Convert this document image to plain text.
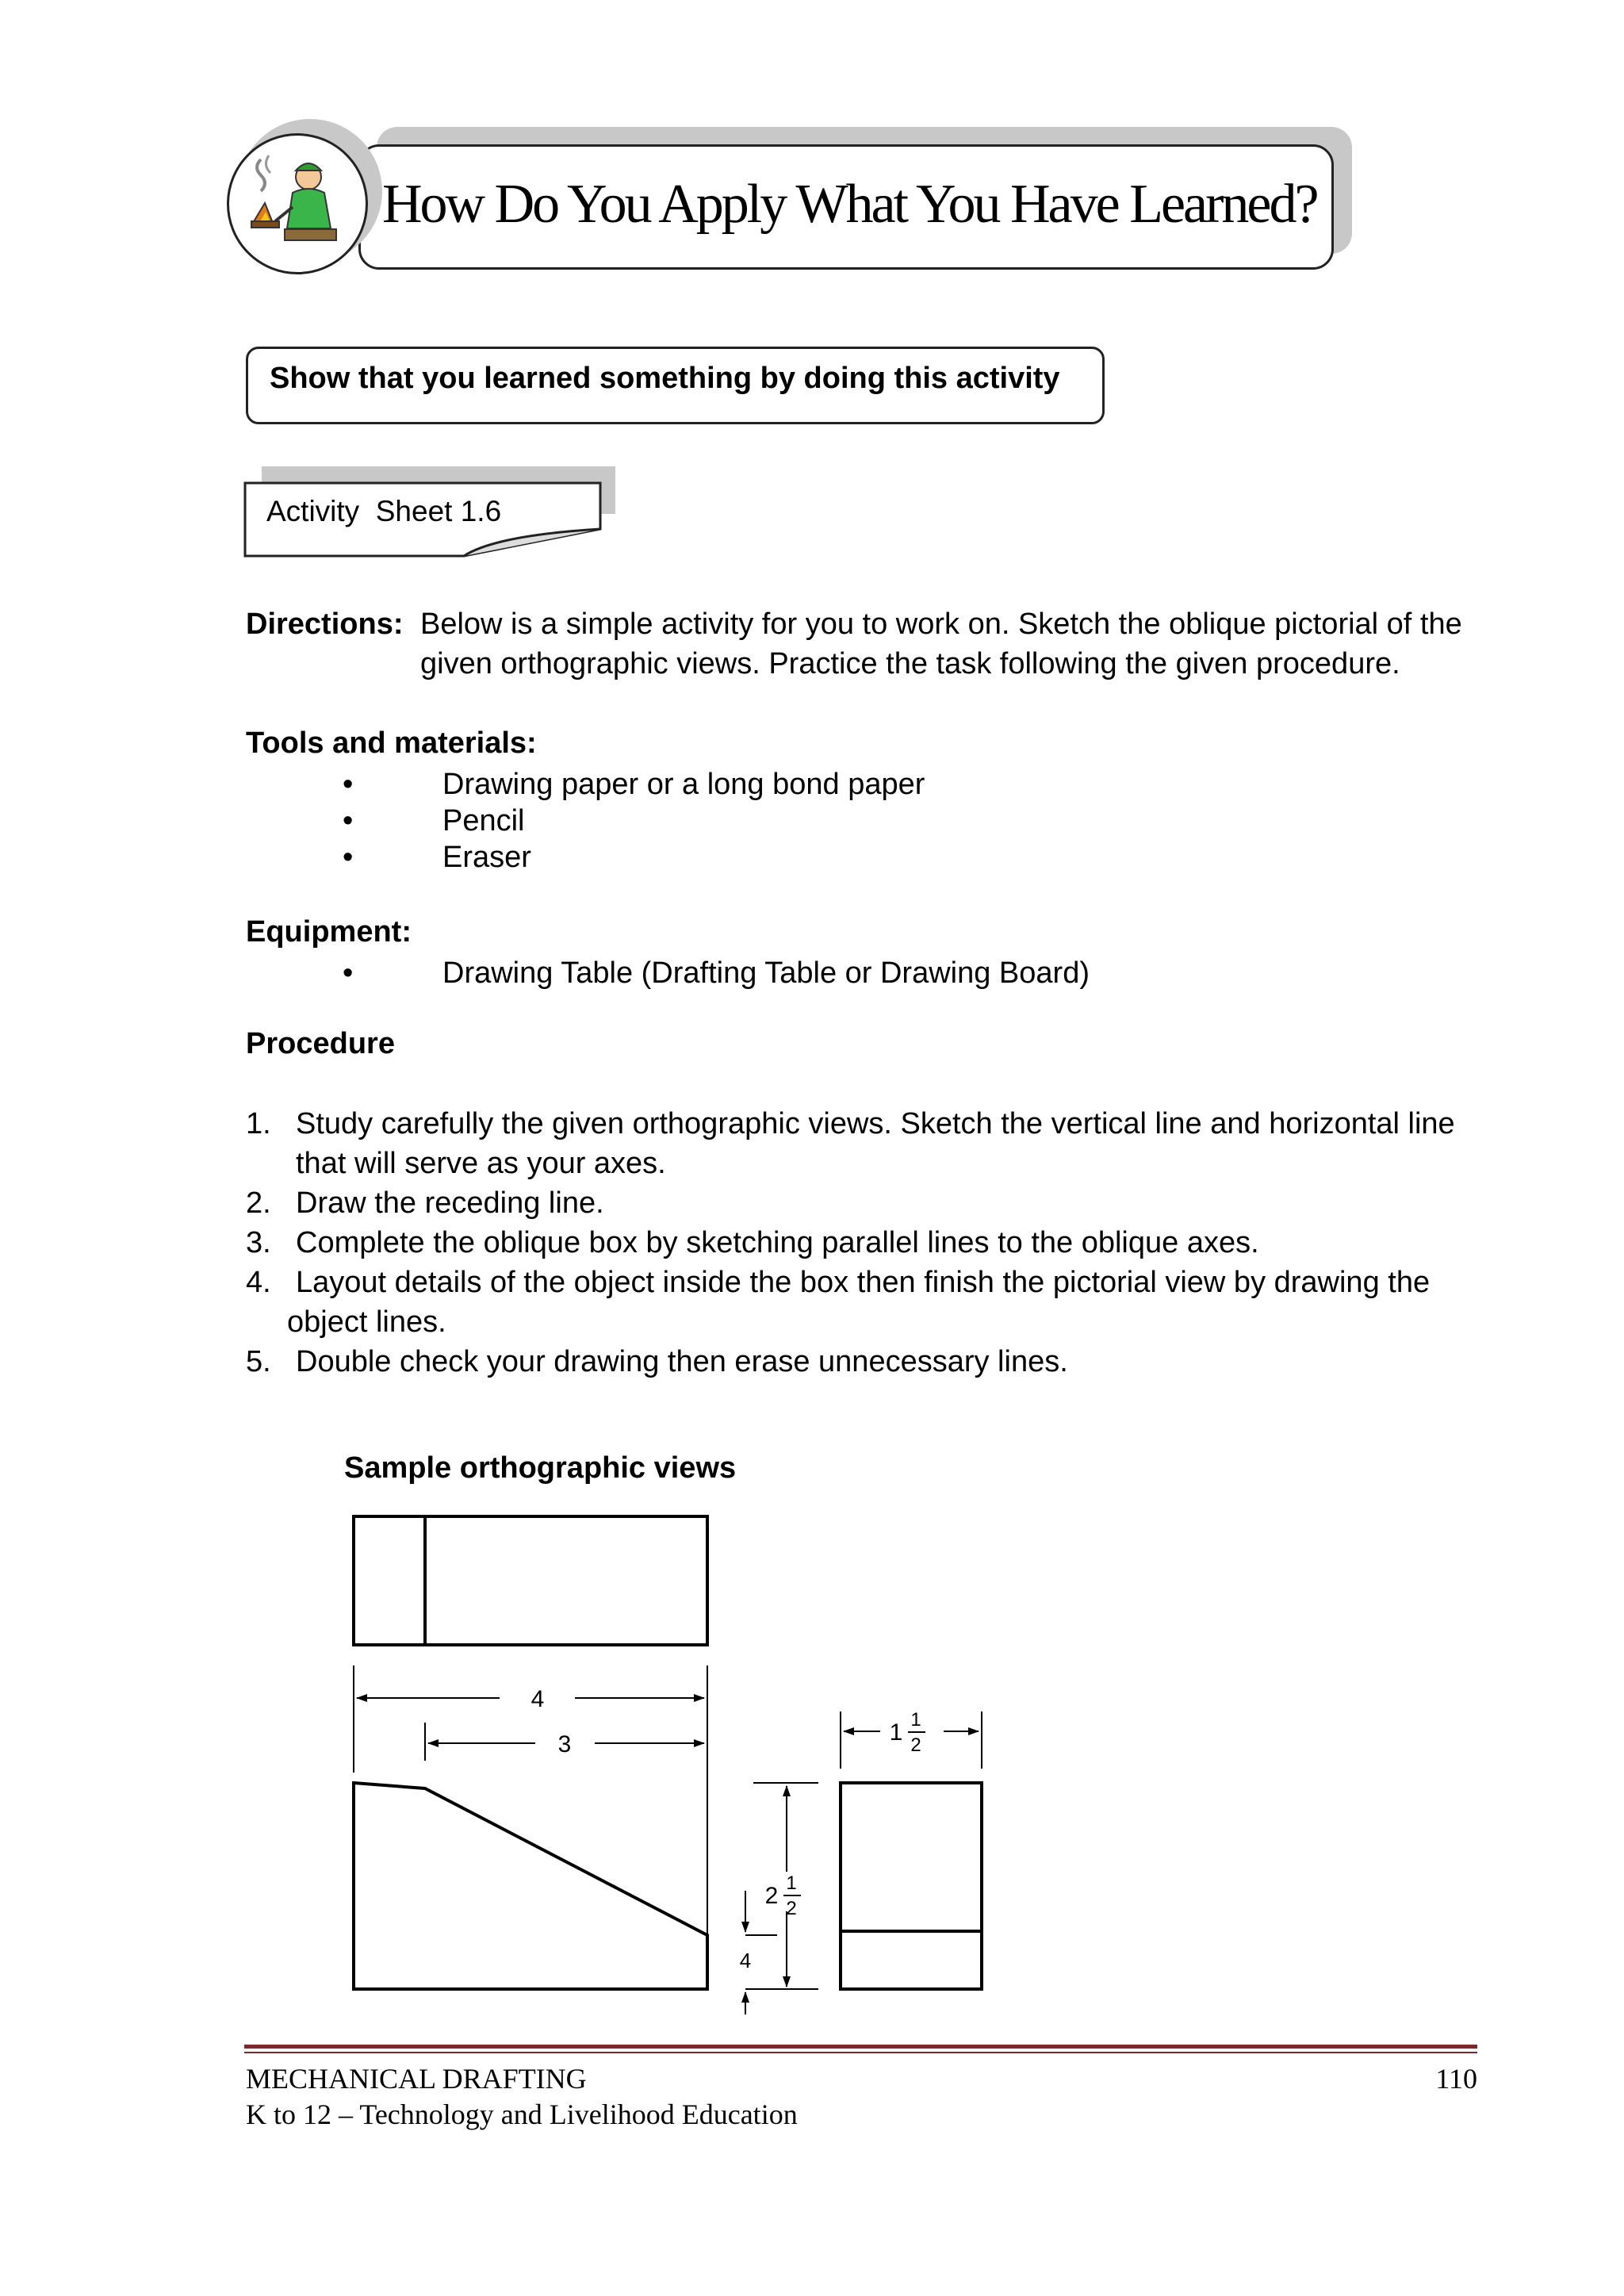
How Do You Apply What You Have Learned?
Show that you learned something by doing this activity
Activity  Sheet 1.6
Directions: Below is a simple activity for you to work on. Sketch the oblique pictorial of the
given orthographic views. Practice the task following the given procedure.
Tools and materials:
•	Drawing paper or a long bond paper
•	Pencil
•	Eraser
Equipment:
•	Drawing Table (Drafting Table or Drawing Board)
Procedure
1. Study carefully the given orthographic views. Sketch the vertical line and horizontal line
that will serve as your axes.
2. Draw the receding line.
3. Complete the oblique box by sketching parallel lines to the oblique axes.
4. Layout details of the object inside the box then finish the pictorial view by drawing the
object lines.
5. Double check your drawing then erase unnecessary lines.
Sample orthographic views
4
3
2 1
2
4
1 1
2
MECHANICAL DRAFTING
K to 12 – Technology and Livelihood Education
110
